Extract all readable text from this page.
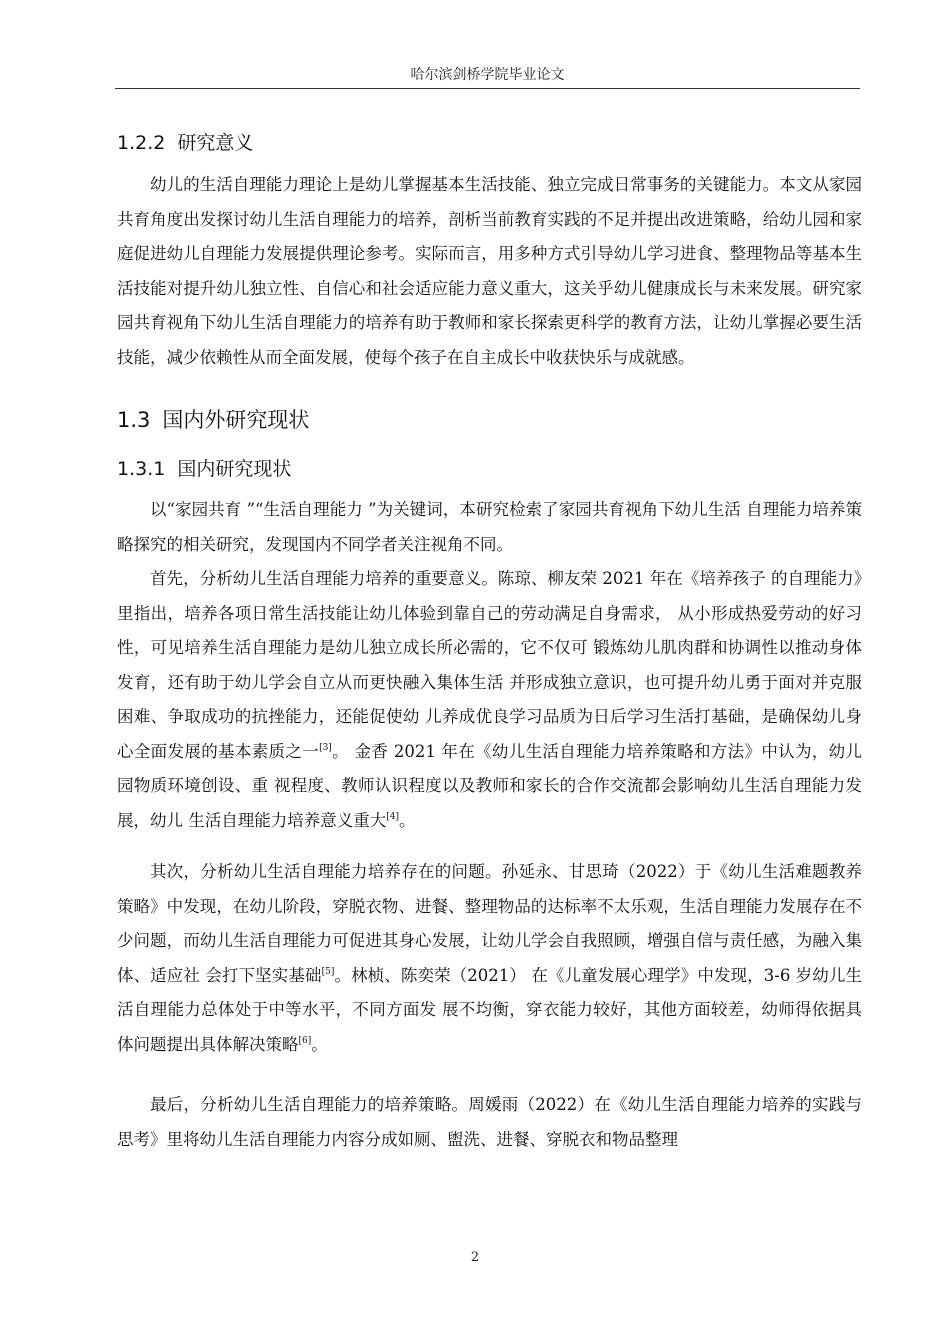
哈尔滨剑桥学院毕业论文
1.2.2 研究意义

幼儿的生活自理能力理论上是幼儿掌握基本生活技能、独立完成日常事务的关键能力。本文从家园共育角度出发探讨幼儿生活自理能力的培养，剖析当前教育实践的不足并提出改进策略，给幼儿园和家庭促进幼儿自理能力发展提供理论参考。实际而言，用多种方式引导幼儿学习进食、整理物品等基本生活技能对提升幼儿独立性、自信心和社会适应能力意义重大，这关乎幼儿健康成长与未来发展。研究家园共育视角下幼儿生活自理能力的培养有助于教师和家长探索更科学的教育方法，让幼儿掌握必要生活技能，减少依赖性从而全面发展，使每个孩子在自主成长中收获快乐与成就感。

1.3 国内外研究现状
1.3.1 国内研究现状

以“家园共育 ”“生活自理能力 ”为关键词，本研究检索了家园共育视角下幼儿生活 自理能力培养策略探究的相关研究，发现国内不同学者关注视角不同。

首先，分析幼儿生活自理能力培养的重要意义。陈琼、柳友荣 2021 年在《培养孩子 的自理能力》里指出，培养各项日常生活技能让幼儿体验到靠自己的劳动满足自身需求， 从小形成热爱劳动的好习性，可见培养生活自理能力是幼儿独立成长所必需的，它不仅可 锻炼幼儿肌肉群和协调性以推动身体发育，还有助于幼儿学会自立从而更快融入集体生活 并形成独立意识，也可提升幼儿勇于面对并克服困难、争取成功的抗挫能力，还能促使幼 儿养成优良学习品质为日后学习生活打基础，是确保幼儿身心全面发展的基本素质之一[3]。 金香 2021 年在《幼儿生活自理能力培养策略和方法》中认为，幼儿园物质环境创设、重 视程度、教师认识程度以及教师和家长的合作交流都会影响幼儿生活自理能力发展，幼儿 生活自理能力培养意义重大[4]。

其次，分析幼儿生活自理能力培养存在的问题。孙延永、甘思琦（2022）于《幼儿生活难题教养策略》中发现，在幼儿阶段，穿脱衣物、进餐、整理物品的达标率不太乐观，生活自理能力发展存在不少问题，而幼儿生活自理能力可促进其身心发展，让幼儿学会自我照顾，增强自信与责任感，为融入集体、适应社 会打下坚实基础[5]。林桢、陈奕荣（2021） 在《儿童发展心理学》中发现，3-6 岁幼儿生活自理能力总体处于中等水平，不同方面发 展不均衡，穿衣能力较好，其他方面较差，幼师得依据具体问题提出具体解决策略[6]。

最后，分析幼儿生活自理能力的培养策略。周媛雨（2022）在《幼儿生活自理能力培养的实践与思考》里将幼儿生活自理能力内容分成如厕、盥洗、进餐、穿脱衣和物品整理

2
